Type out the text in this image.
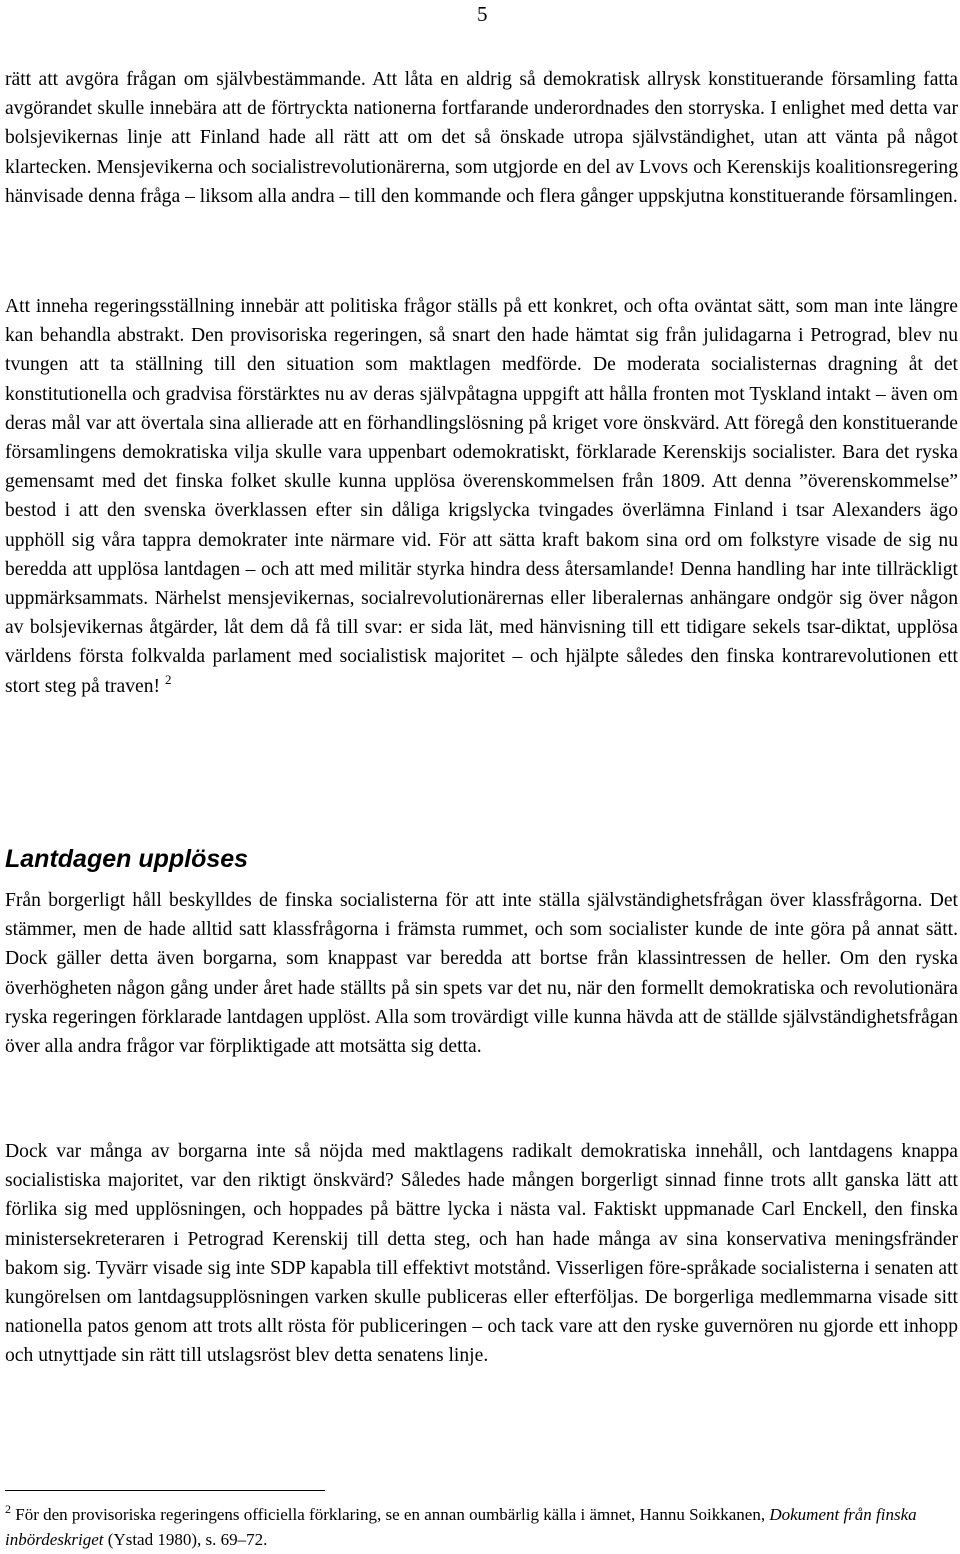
5

rätt att avgöra frågan om självbestämmande. Att låta en aldrig så demokratisk allrysk konstituerande församling fatta avgörandet skulle innebära att de förtryckta nationerna fortfarande underordnades den storryska. I enlighet med detta var bolsjevikernas linje att Finland hade all rätt att om det så önskade utropa självständighet, utan att vänta på något klartecken. Mensjevikerna och socialistrevolutionärerna, som utgjorde en del av Lvovs och Kerenskijs koalitionsregering hänvisade denna fråga – liksom alla andra – till den kommande och flera gånger uppskjutna konstituerande församlingen.

Att inneha regeringsställning innebär att politiska frågor ställs på ett konkret, och ofta oväntat sätt, som man inte längre kan behandla abstrakt. Den provisoriska regeringen, så snart den hade hämtat sig från julidagarna i Petrograd, blev nu tvungen att ta ställning till den situation som maktlagen medförde. De moderata socialisternas dragning åt det konstitutionella och gradvisa förstärktes nu av deras självpåtagna uppgift att hålla fronten mot Tyskland intakt – även om deras mål var att övertala sina allierade att en förhandlingslösning på kriget vore önskvärd. Att föregå den konstituerande församlingens demokratiska vilja skulle vara uppenbart odemokratiskt, förklarade Kerenskijs socialister. Bara det ryska gemensamt med det finska folket skulle kunna upplösa överenskommelsen från 1809. Att denna ”överenskommelse” bestod i att den svenska överklassen efter sin dåliga krigslycka tvingades överlämna Finland i tsar Alexanders ägo upphöll sig våra tappra demokrater inte närmare vid. För att sätta kraft bakom sina ord om folkstyre visade de sig nu beredda att upplösa lantdagen – och att med militär styrka hindra dess återsamlande! Denna handling har inte tillräckligt uppmärksammats. Närhelst mensjevikernas, socialrevolutionärernas eller liberalernas anhängare ondgör sig över någon av bolsjevikernas åtgärder, låt dem då få till svar: er sida lät, med hänvisning till ett tidigare sekels tsar-diktat, upplösa världens första folkvalda parlament med socialistisk majoritet – och hjälpte således den finska kontrarevolutionen ett stort steg på traven! $^2$

Lantdagen upplöses

Från borgerligt håll beskylldes de finska socialisterna för att inte ställa självständighetsfrågan över klassfrågorna. Det stämmer, men de hade alltid satt klassfrågorna i främsta rummet, och som socialister kunde de inte göra på annat sätt. Dock gäller detta även borgarna, som knappast var beredda att bortse från klassintressen de heller. Om den ryska överhögheten någon gång under året hade ställts på sin spets var det nu, när den formellt demokratiska och revolutionära ryska regeringen förklarade lantdagen upplöst. Alla som trovärdigt ville kunna hävda att de ställde självständighetsfrågan över alla andra frågor var förpliktigade att motsätta sig detta.

Dock var många av borgarna inte så nöjda med maktlagens radikalt demokratiska innehåll, och lantdagens knappa socialistiska majoritet, var den riktigt önskvärd? Således hade mången borgerligt sinnad finne trots allt ganska lätt att förlika sig med upplösningen, och hoppades på bättre lycka i nästa val. Faktiskt uppmanade Carl Enckell, den finska ministersekreteraren i Petrograd Kerenskij till detta steg, och han hade många av sina konservativa meningsfränder bakom sig. Tyvärr visade sig inte SDP kapabla till effektivt motstånd. Visserligen före-språkade socialisterna i senaten att kungörelsen om lantdagsupplösningen varken skulle publiceras eller efterföljas. De borgerliga medlemmarna visade sitt nationella patos genom att trots allt rösta för publiceringen – och tack vare att den ryske guvernören nu gjorde ett inhopp och utnyttjade sin rätt till utslagsröst blev detta senatens linje.

$^2$ För den provisoriska regeringens officiella förklaring, se en annan oumbärlig källa i ämnet, Hannu Soikkanen, Dokument från finska inbördeskriget (Ystad 1980), s. 69–72.
